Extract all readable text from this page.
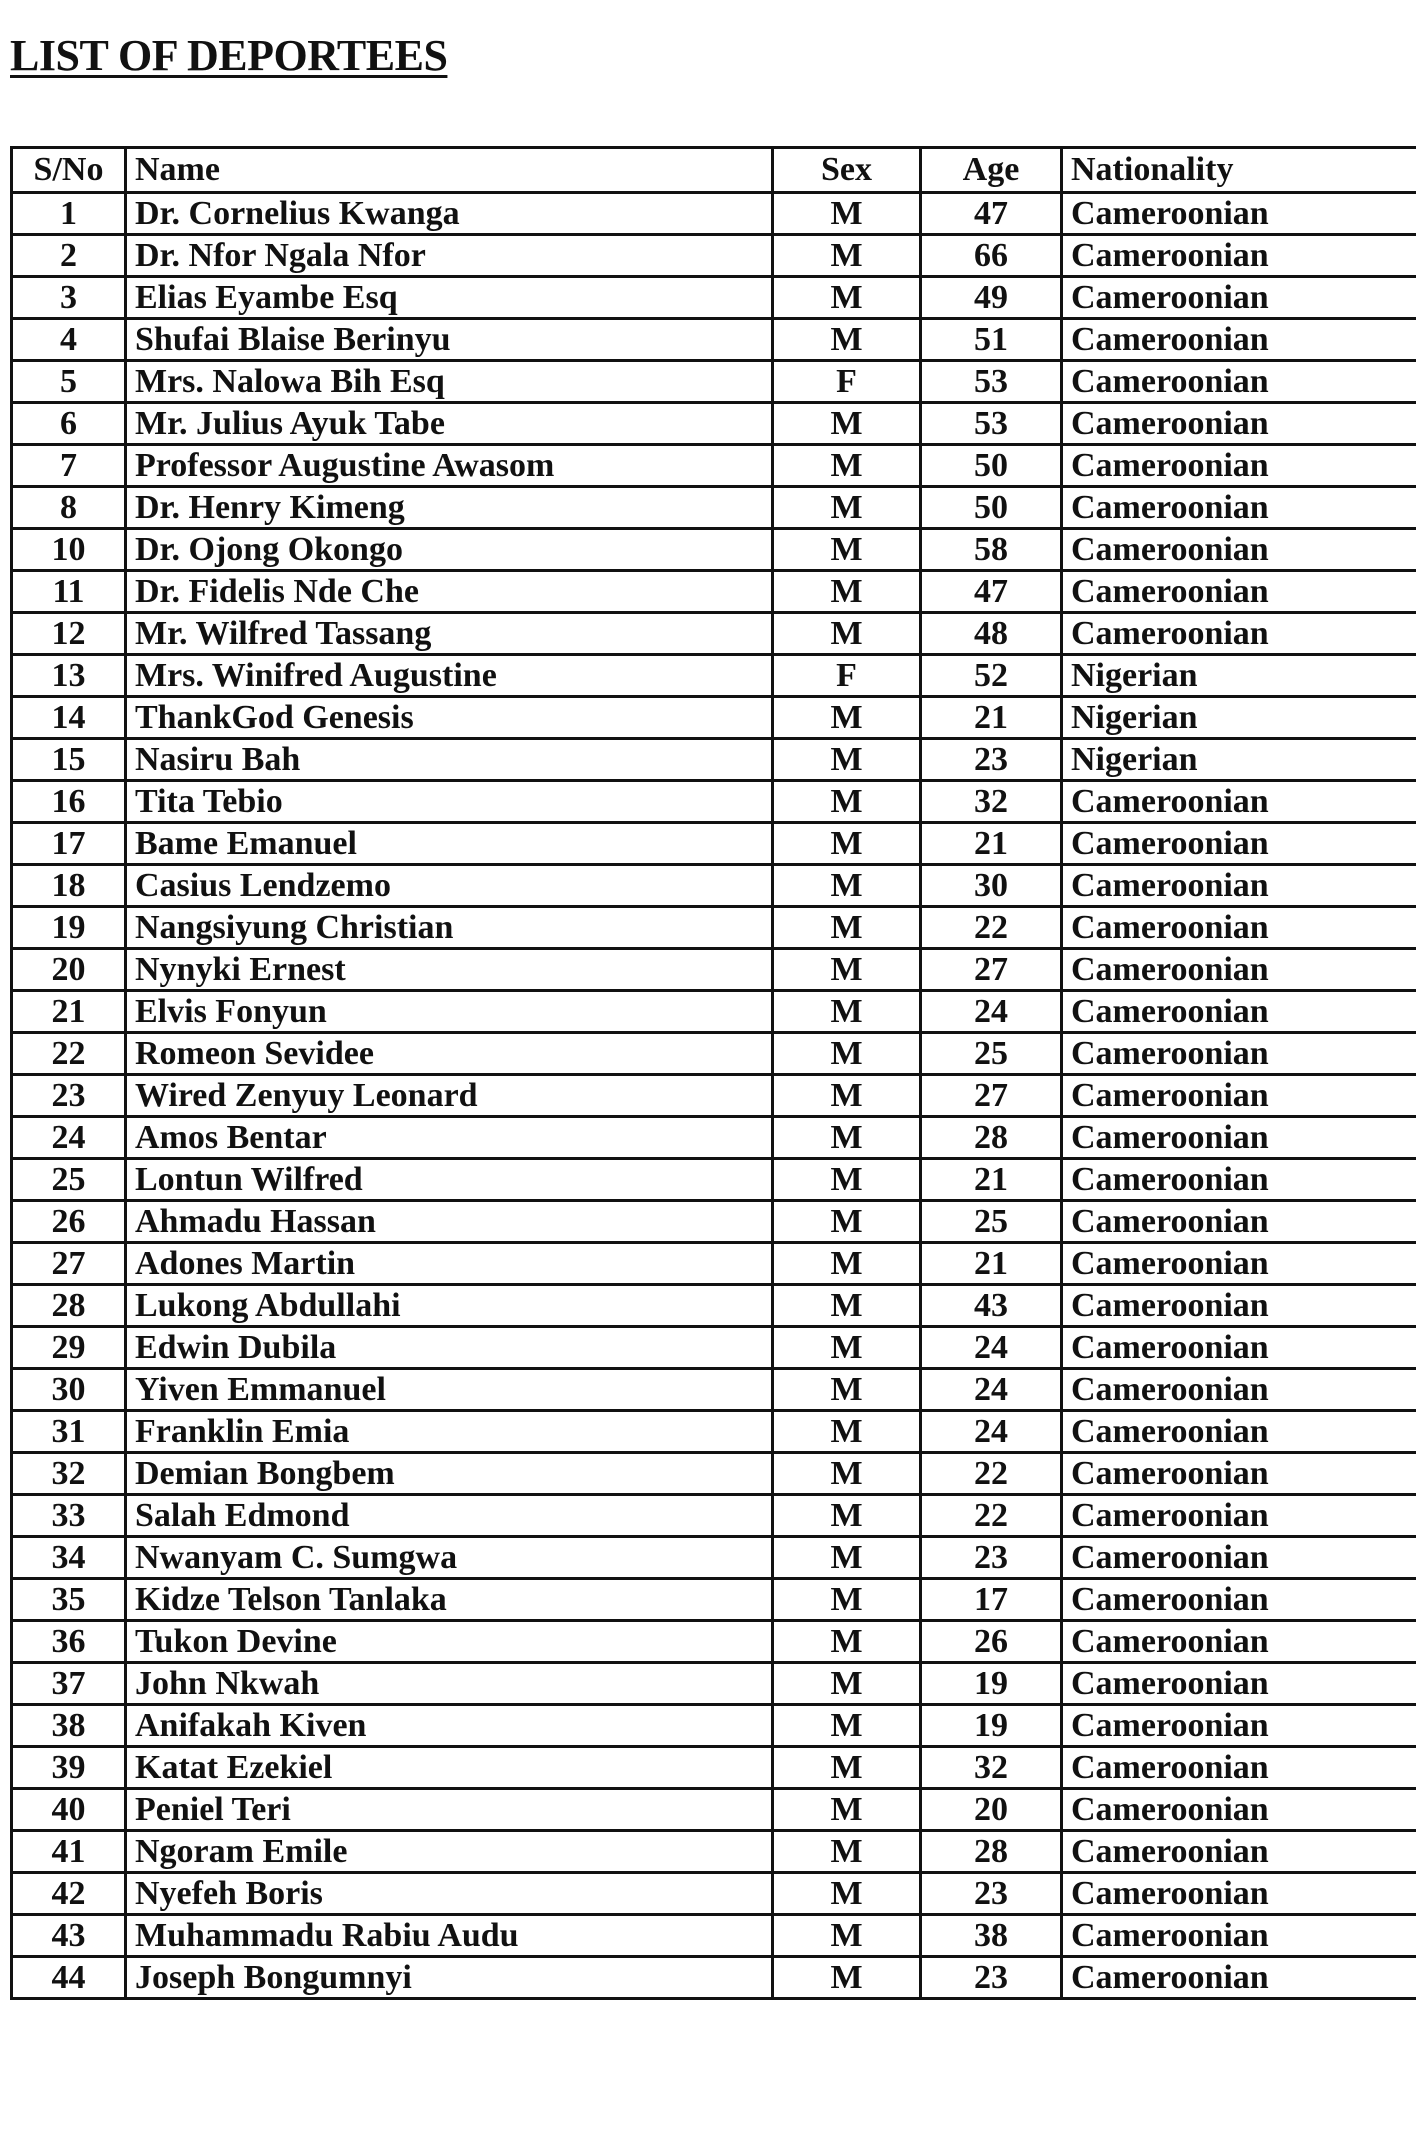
LIST OF DEPORTEES
S/No	Name	Sex	Age	Nationality
1	Dr. Cornelius Kwanga	M	47	Cameroonian
2	Dr. Nfor Ngala Nfor	M	66	Cameroonian
3	Elias Eyambe Esq	M	49	Cameroonian
4	Shufai Blaise Berinyu	M	51	Cameroonian
5	Mrs. Nalowa Bih Esq	F	53	Cameroonian
6	Mr. Julius Ayuk Tabe	M	53	Cameroonian
7	Professor Augustine Awasom	M	50	Cameroonian
8	Dr. Henry Kimeng	M	50	Cameroonian
10	Dr. Ojong Okongo	M	58	Cameroonian
11	Dr. Fidelis Nde Che	M	47	Cameroonian
12	Mr. Wilfred Tassang	M	48	Cameroonian
13	Mrs. Winifred Augustine	F	52	Nigerian
14	ThankGod Genesis	M	21	Nigerian
15	Nasiru Bah	M	23	Nigerian
16	Tita Tebio	M	32	Cameroonian
17	Bame Emanuel	M	21	Cameroonian
18	Casius Lendzemo	M	30	Cameroonian
19	Nangsiyung Christian	M	22	Cameroonian
20	Nynyki Ernest	M	27	Cameroonian
21	Elvis Fonyun	M	24	Cameroonian
22	Romeon Sevidee	M	25	Cameroonian
23	Wired Zenyuy Leonard	M	27	Cameroonian
24	Amos Bentar	M	28	Cameroonian
25	Lontun Wilfred	M	21	Cameroonian
26	Ahmadu Hassan	M	25	Cameroonian
27	Adones Martin	M	21	Cameroonian
28	Lukong Abdullahi	M	43	Cameroonian
29	Edwin Dubila	M	24	Cameroonian
30	Yiven Emmanuel	M	24	Cameroonian
31	Franklin Emia	M	24	Cameroonian
32	Demian Bongbem	M	22	Cameroonian
33	Salah Edmond	M	22	Cameroonian
34	Nwanyam C. Sumgwa	M	23	Cameroonian
35	Kidze Telson Tanlaka	M	17	Cameroonian
36	Tukon Devine	M	26	Cameroonian
37	John Nkwah	M	19	Cameroonian
38	Anifakah Kiven	M	19	Cameroonian
39	Katat Ezekiel	M	32	Cameroonian
40	Peniel Teri	M	20	Cameroonian
41	Ngoram Emile	M	28	Cameroonian
42	Nyefeh Boris	M	23	Cameroonian
43	Muhammadu Rabiu Audu	M	38	Cameroonian
44	Joseph Bongumnyi	M	23	Cameroonian
